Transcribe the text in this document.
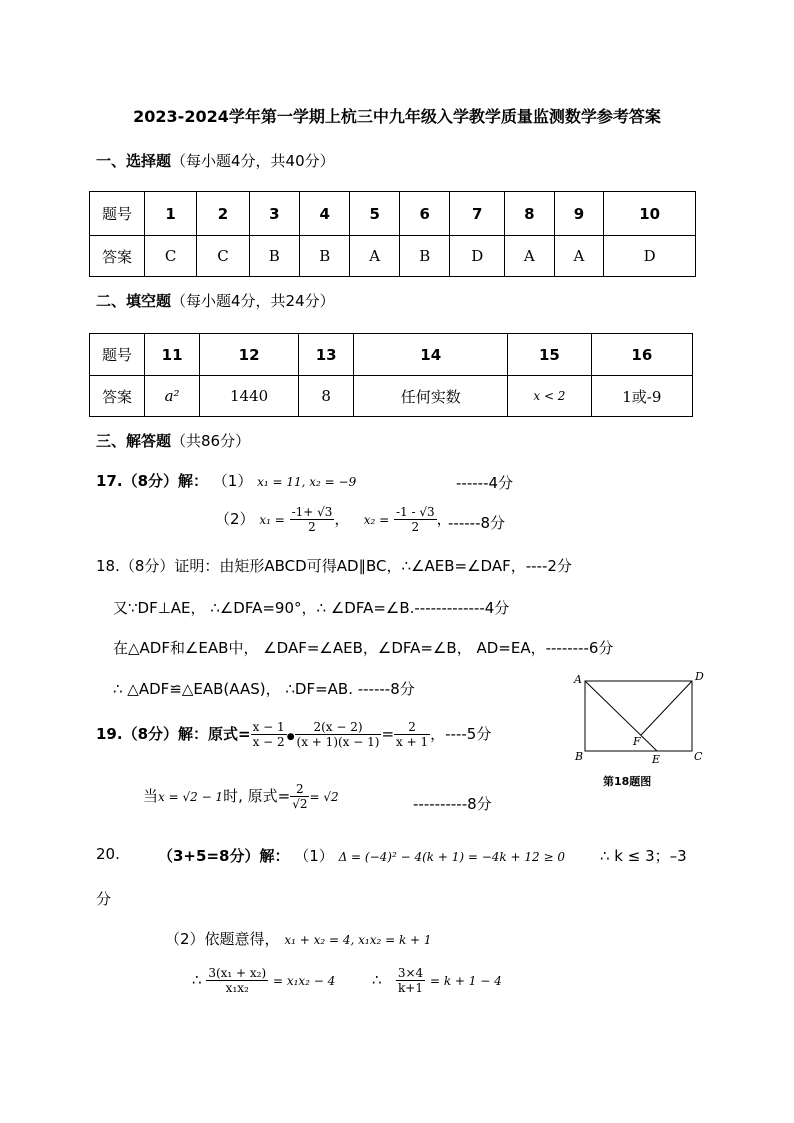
2023-2024学年第一学期上杭三中九年级入学教学质量监测数学参考答案
一、选择题（每小题4分，共40分）
题号	1	2	3	4	5	6	7	8	9	10
答案	C	C	B	B	A	B	D	A	A	D
二、填空题（每小题4分，共24分）
题号	11	12	13	14	15	16
答案	a²	1440	8	任何实数	x < 2	1或-9
三、解答题（共86分）
17.（8分）解： （1） x₁ = 11, x₂ = −9	------4分
（2） $x_1 = \frac{-1+ √3}{2}$ ，   $x_2 = \frac{-1 - √3}{2}$ ，
------8分
18.（8分）证明：由矩形ABCD可得AD∥BC，∴∠AEB=∠DAF，----2分
又∵DF⊥AE， ∴∠DFA=90°，∴ ∠DFA=∠B.-------------4分
在△ADF和∠EAB中， ∠DAF=∠AEB，∠DFA=∠B， AD=EA，--------6分
∴ △ADF≌△EAB(AAS)， ∴DF=AB. ------8分
A	D
B	C
E
F
第18题图
19.（8分）解：原式= $\frac{x - 1}{x - 2}$ ● $\frac{2(x - 2)}{(x + 1)(x - 1)} = \frac{2}{x + 1}$ ，----5分
当x = √2 − 1时, 原式= $\frac{2}{√2} = √2$	----------8分
20.	（3+5=8分）解： （1） Δ = (−4)² − 4(k + 1) = −4k + 12 ≥ 0 ∴ k ≤ 3；–3
分
（2）依题意得， x₁ + x₂ = 4, x₁x₂ = k + 1
∴ $\frac{\text{3(x₁ + x₂)}}{\text{x₁x₂}} = x_1x_2 - 4$ ∴ $\frac{3\times 4}{k+1} = k + 1 - 4$
